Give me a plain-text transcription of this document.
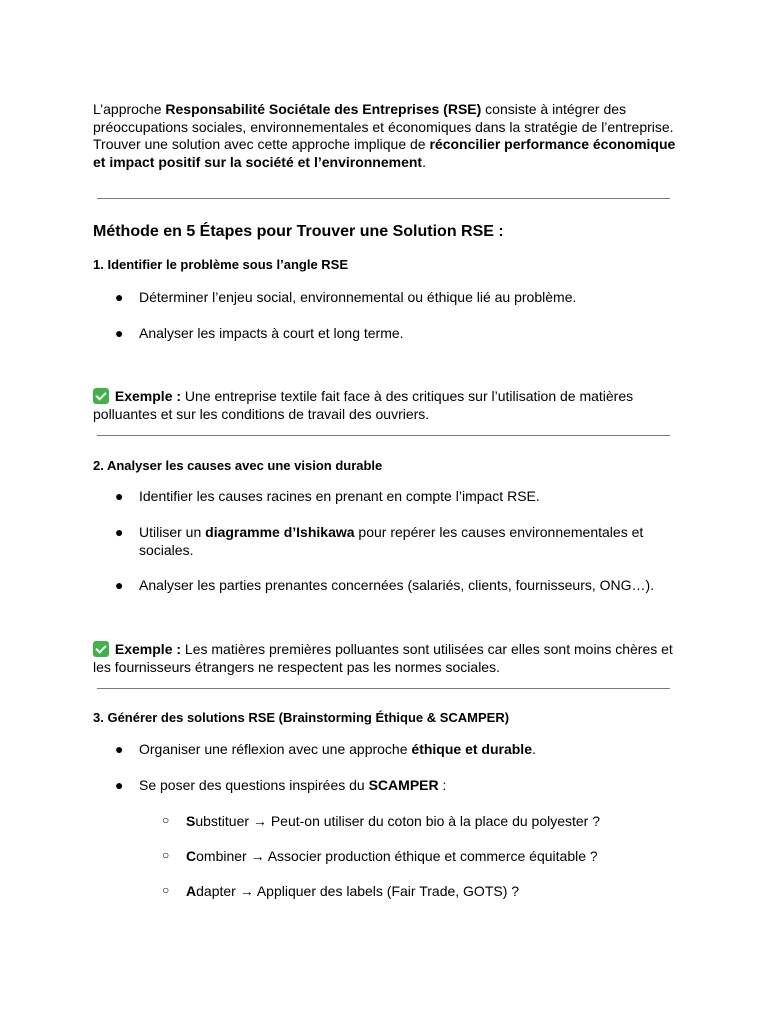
L’approche Responsabilité Sociétale des Entreprises (RSE) consiste à intégrer des préoccupations sociales, environnementales et économiques dans la stratégie de l’entreprise. Trouver une solution avec cette approche implique de réconcilier performance économique et impact positif sur la société et l’environnement.

Méthode en 5 Étapes pour Trouver une Solution RSE :
1. Identifier le problème sous l’angle RSE
●	Déterminer l’enjeu social, environnemental ou éthique lié au problème.
●	Analyser les impacts à court et long terme.

Exemple : Une entreprise textile fait face à des critiques sur l’utilisation de matières polluantes et sur les conditions de travail des ouvriers.

2. Analyser les causes avec une vision durable
●	Identifier les causes racines en prenant en compte l’impact RSE.
●	Utiliser un diagramme d’Ishikawa pour repérer les causes environnementales et sociales.
●	Analyser les parties prenantes concernées (salariés, clients, fournisseurs, ONG…).

Exemple : Les matières premières polluantes sont utilisées car elles sont moins chères et les fournisseurs étrangers ne respectent pas les normes sociales.

3. Générer des solutions RSE (Brainstorming Éthique & SCAMPER)
●	Organiser une réflexion avec une approche éthique et durable.
●	Se poser des questions inspirées du SCAMPER :
○ Substituer → Peut-on utiliser du coton bio à la place du polyester ?
○ Combiner → Associer production éthique et commerce équitable ?
○ Adapter → Appliquer des labels (Fair Trade, GOTS) ?
